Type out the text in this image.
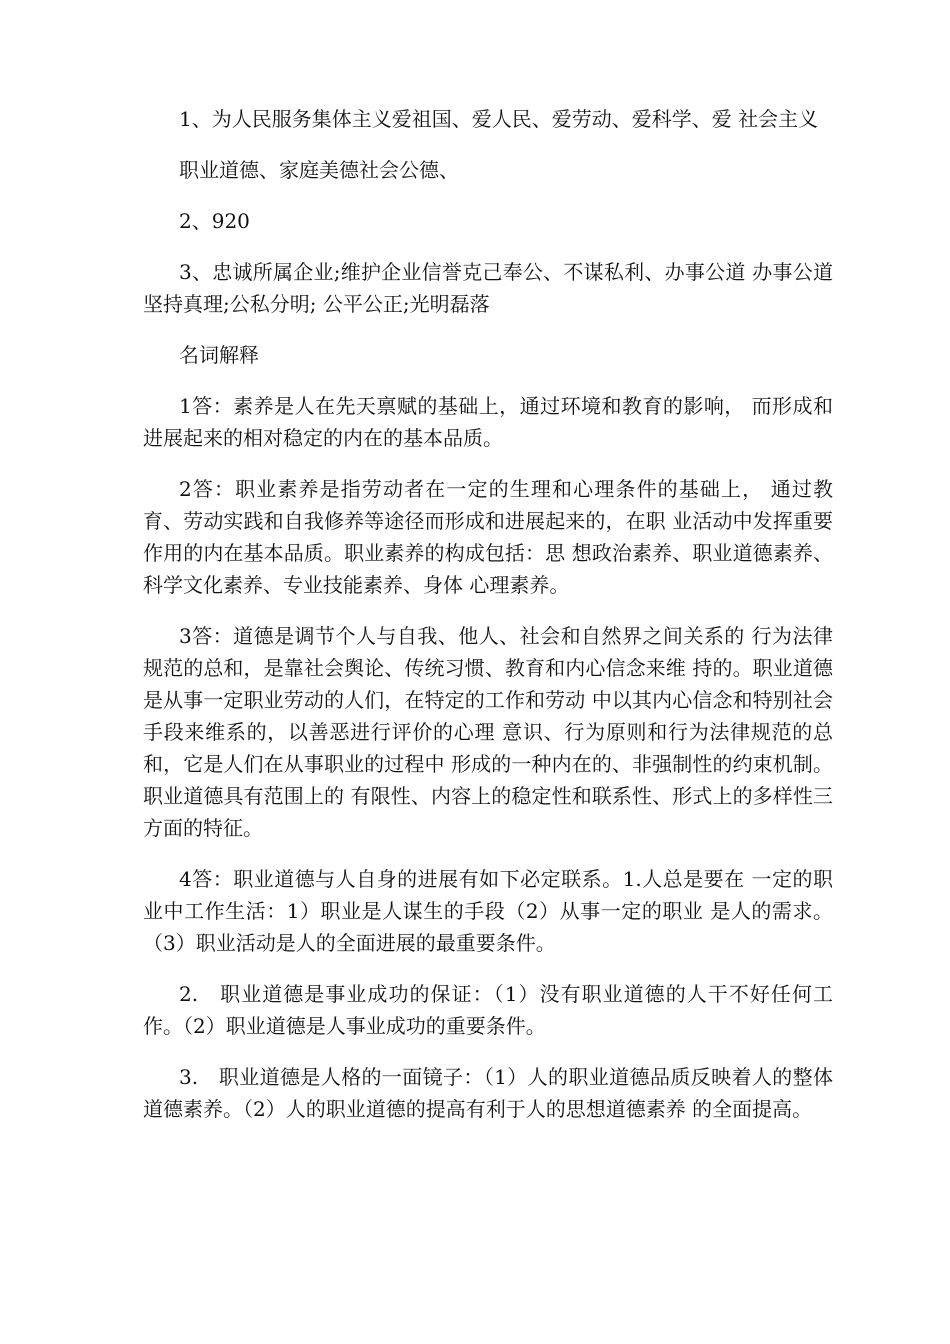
1、为人民服务集体主义爱祖国、爱人民、爱劳动、爱科学、爱 社会主义

职业道德、家庭美德社会公德、

2、920

3、忠诚所属企业;维护企业信誉克己奉公、不谋私利、办事公道 办事公道坚持真理;公私分明; 公平公正;光明磊落

名词解释

1答：素养是人在先天禀赋的基础上，通过环境和教育的影响， 而形成和进展起来的相对稳定的内在的基本品质。

2答：职业素养是指劳动者在一定的生理和心理条件的基础上， 通过教育、劳动实践和自我修养等途径而形成和进展起来的，在职 业活动中发挥重要作用的内在基本品质。职业素养的构成包括：思 想政治素养、职业道德素养、科学文化素养、专业技能素养、身体 心理素养。

3答：道德是调节个人与自我、他人、社会和自然界之间关系的 行为法律规范的总和，是靠社会舆论、传统习惯、教育和内心信念来维 持的。职业道德是从事一定职业劳动的人们，在特定的工作和劳动 中以其内心信念和特别社会手段来维系的，以善恶进行评价的心理 意识、行为原则和行为法律规范的总和，它是人们在从事职业的过程中 形成的一种内在的、非强制性的约束机制。职业道德具有范围上的 有限性、内容上的稳定性和联系性、形式上的多样性三方面的特征。

4答：职业道德与人自身的进展有如下必定联系。1.人总是要在 一定的职业中工作生活：1）职业是人谋生的手段（2）从事一定的职业 是人的需求。（3）职业活动是人的全面进展的最重要条件。

2.　职业道德是事业成功的保证：（1）没有职业道德的人干不好任何工作。（2）职业道德是人事业成功的重要条件。

3.　职业道德是人格的一面镜子：（1）人的职业道德品质反映着人的整体道德素养。（2）人的职业道德的提高有利于人的思想道德素养 的全面提高。
